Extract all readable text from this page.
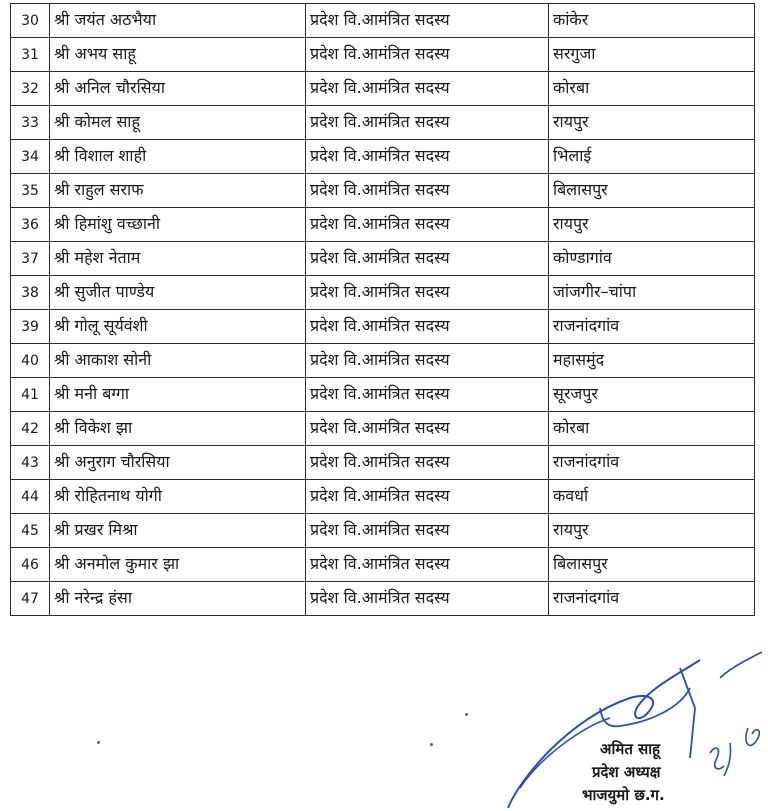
30	श्री जयंत अठभैया	प्रदेश वि.आमंत्रित सदस्य	कांकेर
31	श्री अभय साहू	प्रदेश वि.आमंत्रित सदस्य	सरगुजा
32	श्री अनिल चौरसिया	प्रदेश वि.आमंत्रित सदस्य	कोरबा
33	श्री कोमल साहू	प्रदेश वि.आमंत्रित सदस्य	रायपुर
34	श्री विशाल शाही	प्रदेश वि.आमंत्रित सदस्य	भिलाई
35	श्री राहुल सराफ	प्रदेश वि.आमंत्रित सदस्य	बिलासपुर
36	श्री हिमांशु वच्छानी	प्रदेश वि.आमंत्रित सदस्य	रायपुर
37	श्री महेश नेताम	प्रदेश वि.आमंत्रित सदस्य	कोण्डागांव
38	श्री सुजीत पाण्डेय	प्रदेश वि.आमंत्रित सदस्य	जांजगीर–चांपा
39	श्री गोलू सूर्यवंशी	प्रदेश वि.आमंत्रित सदस्य	राजनांदगांव
40	श्री आकाश सोनी	प्रदेश वि.आमंत्रित सदस्य	महासमुंद
41	श्री मनी बग्गा	प्रदेश वि.आमंत्रित सदस्य	सूरजपुर
42	श्री विकेश झा	प्रदेश वि.आमंत्रित सदस्य	कोरबा
43	श्री अनुराग चौरसिया	प्रदेश वि.आमंत्रित सदस्य	राजनांदगांव
44	श्री रोहितनाथ योगी	प्रदेश वि.आमंत्रित सदस्य	कवर्धा
45	श्री प्रखर मिश्रा	प्रदेश वि.आमंत्रित सदस्य	रायपुर
46	श्री अनमोल कुमार झा	प्रदेश वि.आमंत्रित सदस्य	बिलासपुर
47	श्री नरेन्द्र हंसा	प्रदेश वि.आमंत्रित सदस्य	राजनांदगांव
अमित साहू
प्रदेश अध्यक्ष
भाजयुमो छ.ग.
